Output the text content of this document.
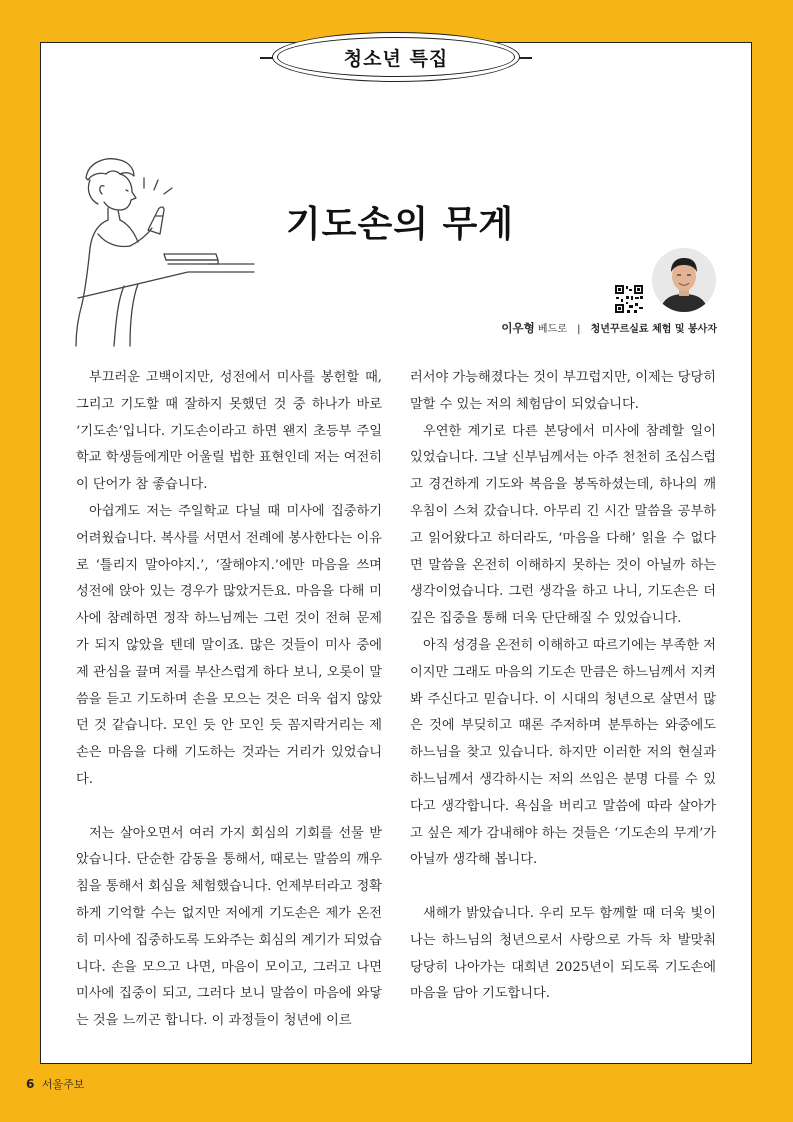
청소년 특집
기도손의 무게
이우형 베드로 | 청년꾸르실료 체험 및 봉사자

부끄러운 고백이지만, 성전에서 미사를 봉헌할 때, 그리고 기도할 때 잘하지 못했던 것 중 하나가 바로 ‘기도손’입니다. 기도손이라고 하면 왠지 초등부 주일학교 학생들에게만 어울릴 법한 표현인데 저는 여전히 이 단어가 참 좋습니다.

아쉽게도 저는 주일학교 다닐 때 미사에 집중하기 어려웠습니다. 복사를 서면서 전례에 봉사한다는 이유로 ‘틀리지 말아야지.’, ‘잘해야지.’에만 마음을 쓰며 성전에 앉아 있는 경우가 많았거든요. 마음을 다해 미사에 참례하면 정작 하느님께는 그런 것이 전혀 문제가 되지 않았을 텐데 말이죠. 많은 것들이 미사 중에 제 관심을 끌며 저를 부산스럽게 하다 보니, 오롯이 말씀을 듣고 기도하며 손을 모으는 것은 더욱 쉽지 않았던 것 같습니다. 모인 듯 안 모인 듯 꼼지락거리는 제 손은 마음을 다해 기도하는 것과는 거리가 있었습니다.

저는 살아오면서 여러 가지 회심의 기회를 선물 받았습니다. 단순한 감동을 통해서, 때로는 말씀의 깨우침을 통해서 회심을 체험했습니다. 언제부터라고 정확하게 기억할 수는 없지만 저에게 기도손은 제가 온전히 미사에 집중하도록 도와주는 회심의 계기가 되었습니다. 손을 모으고 나면, 마음이 모이고, 그러고 나면 미사에 집중이 되고, 그러다 보니 말씀이 마음에 와닿는 것을 느끼곤 합니다. 이 과정들이 청년에 이르

러서야 가능해졌다는 것이 부끄럽지만, 이제는 당당히 말할 수 있는 저의 체험담이 되었습니다.

우연한 계기로 다른 본당에서 미사에 참례할 일이 있었습니다. 그날 신부님께서는 아주 천천히 조심스럽고 경건하게 기도와 복음을 봉독하셨는데, 하나의 깨우침이 스쳐 갔습니다. 아무리 긴 시간 말씀을 공부하고 읽어왔다고 하더라도, ‘마음을 다해’ 읽을 수 없다면 말씀을 온전히 이해하지 못하는 것이 아닐까 하는 생각이었습니다. 그런 생각을 하고 나니, 기도손은 더 깊은 집중을 통해 더욱 단단해질 수 있었습니다.

아직 성경을 온전히 이해하고 따르기에는 부족한 저이지만 그래도 마음의 기도손 만큼은 하느님께서 지켜봐 주신다고 믿습니다. 이 시대의 청년으로 살면서 많은 것에 부딪히고 때론 주저하며 분투하는 와중에도 하느님을 찾고 있습니다. 하지만 이러한 저의 현실과 하느님께서 생각하시는 저의 쓰임은 분명 다를 수 있다고 생각합니다. 욕심을 버리고 말씀에 따라 살아가고 싶은 제가 감내해야 하는 것들은 ‘기도손의 무게’가 아닐까 생각해 봅니다.

새해가 밝았습니다. 우리 모두 함께할 때 더욱 빛이 나는 하느님의 청년으로서 사랑으로 가득 차 발맞춰 당당히 나아가는 대희년 2025년이 되도록 기도손에 마음을 담아 기도합니다.

6 서울주보
